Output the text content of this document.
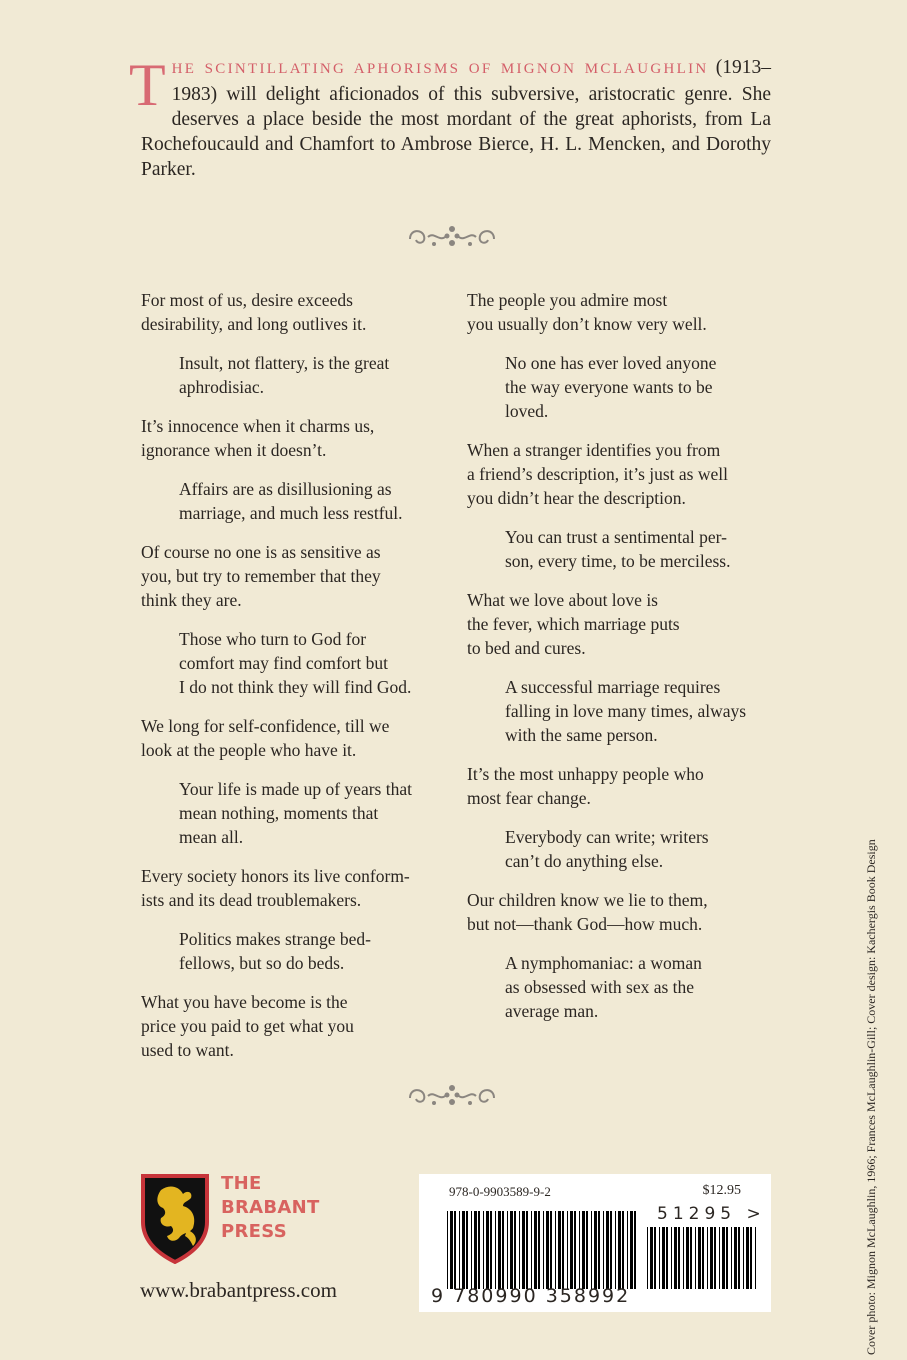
T HE SCINTILLATING APHORISMS OF MIGNON MCLAUGHLIN (1913–1983) will delight aficionados of this subversive, aristocratic genre. She deserves a place beside the most mordant of the great aphorists, from La Rochefoucauld and Chamfort to Ambrose Bierce, H. L. Mencken, and Dorothy Parker.

For most of us, desire exceeds
desirability, and long outlives it.

Insult, not flattery, is the great
aphrodisiac.

It’s innocence when it charms us,
ignorance when it doesn’t.

Affairs are as disillusioning as
marriage, and much less restful.

Of course no one is as sensitive as
you, but try to remember that they
think they are.

Those who turn to God for
comfort may find comfort but
I do not think they will find God.

We long for self-confidence, till we
look at the people who have it.

Your life is made up of years that
mean nothing, moments that
mean all.

Every society honors its live conform-
ists and its dead troublemakers.

Politics makes strange bed-
fellows, but so do beds.

What you have become is the
price you paid to get what you
used to want.

The people you admire most
you usually don’t know very well.

No one has ever loved anyone
the way everyone wants to be
loved.

When a stranger identifies you from
a friend’s description, it’s just as well
you didn’t hear the description.

You can trust a sentimental per-
son, every time, to be merciless.

What we love about love is
the fever, which marriage puts
to bed and cures.

A successful marriage requires
falling in love many times, always
with the same person.

It’s the most unhappy people who
most fear change.

Everybody can write; writers
can’t do anything else.

Our children know we lie to them,
but not—thank God—how much.

A nymphomaniac: a woman
as obsessed with sex as the
average man.

THE
BRABANT
PRESS
www.brabantpress.com
978-0-9903589-9-2	$12.95
51295 >
9 780990 358992	Cover photo: Mignon McLaughlin, 1966; Frances McLaughlin-Gill; Cover design: Kachergis Book Design
